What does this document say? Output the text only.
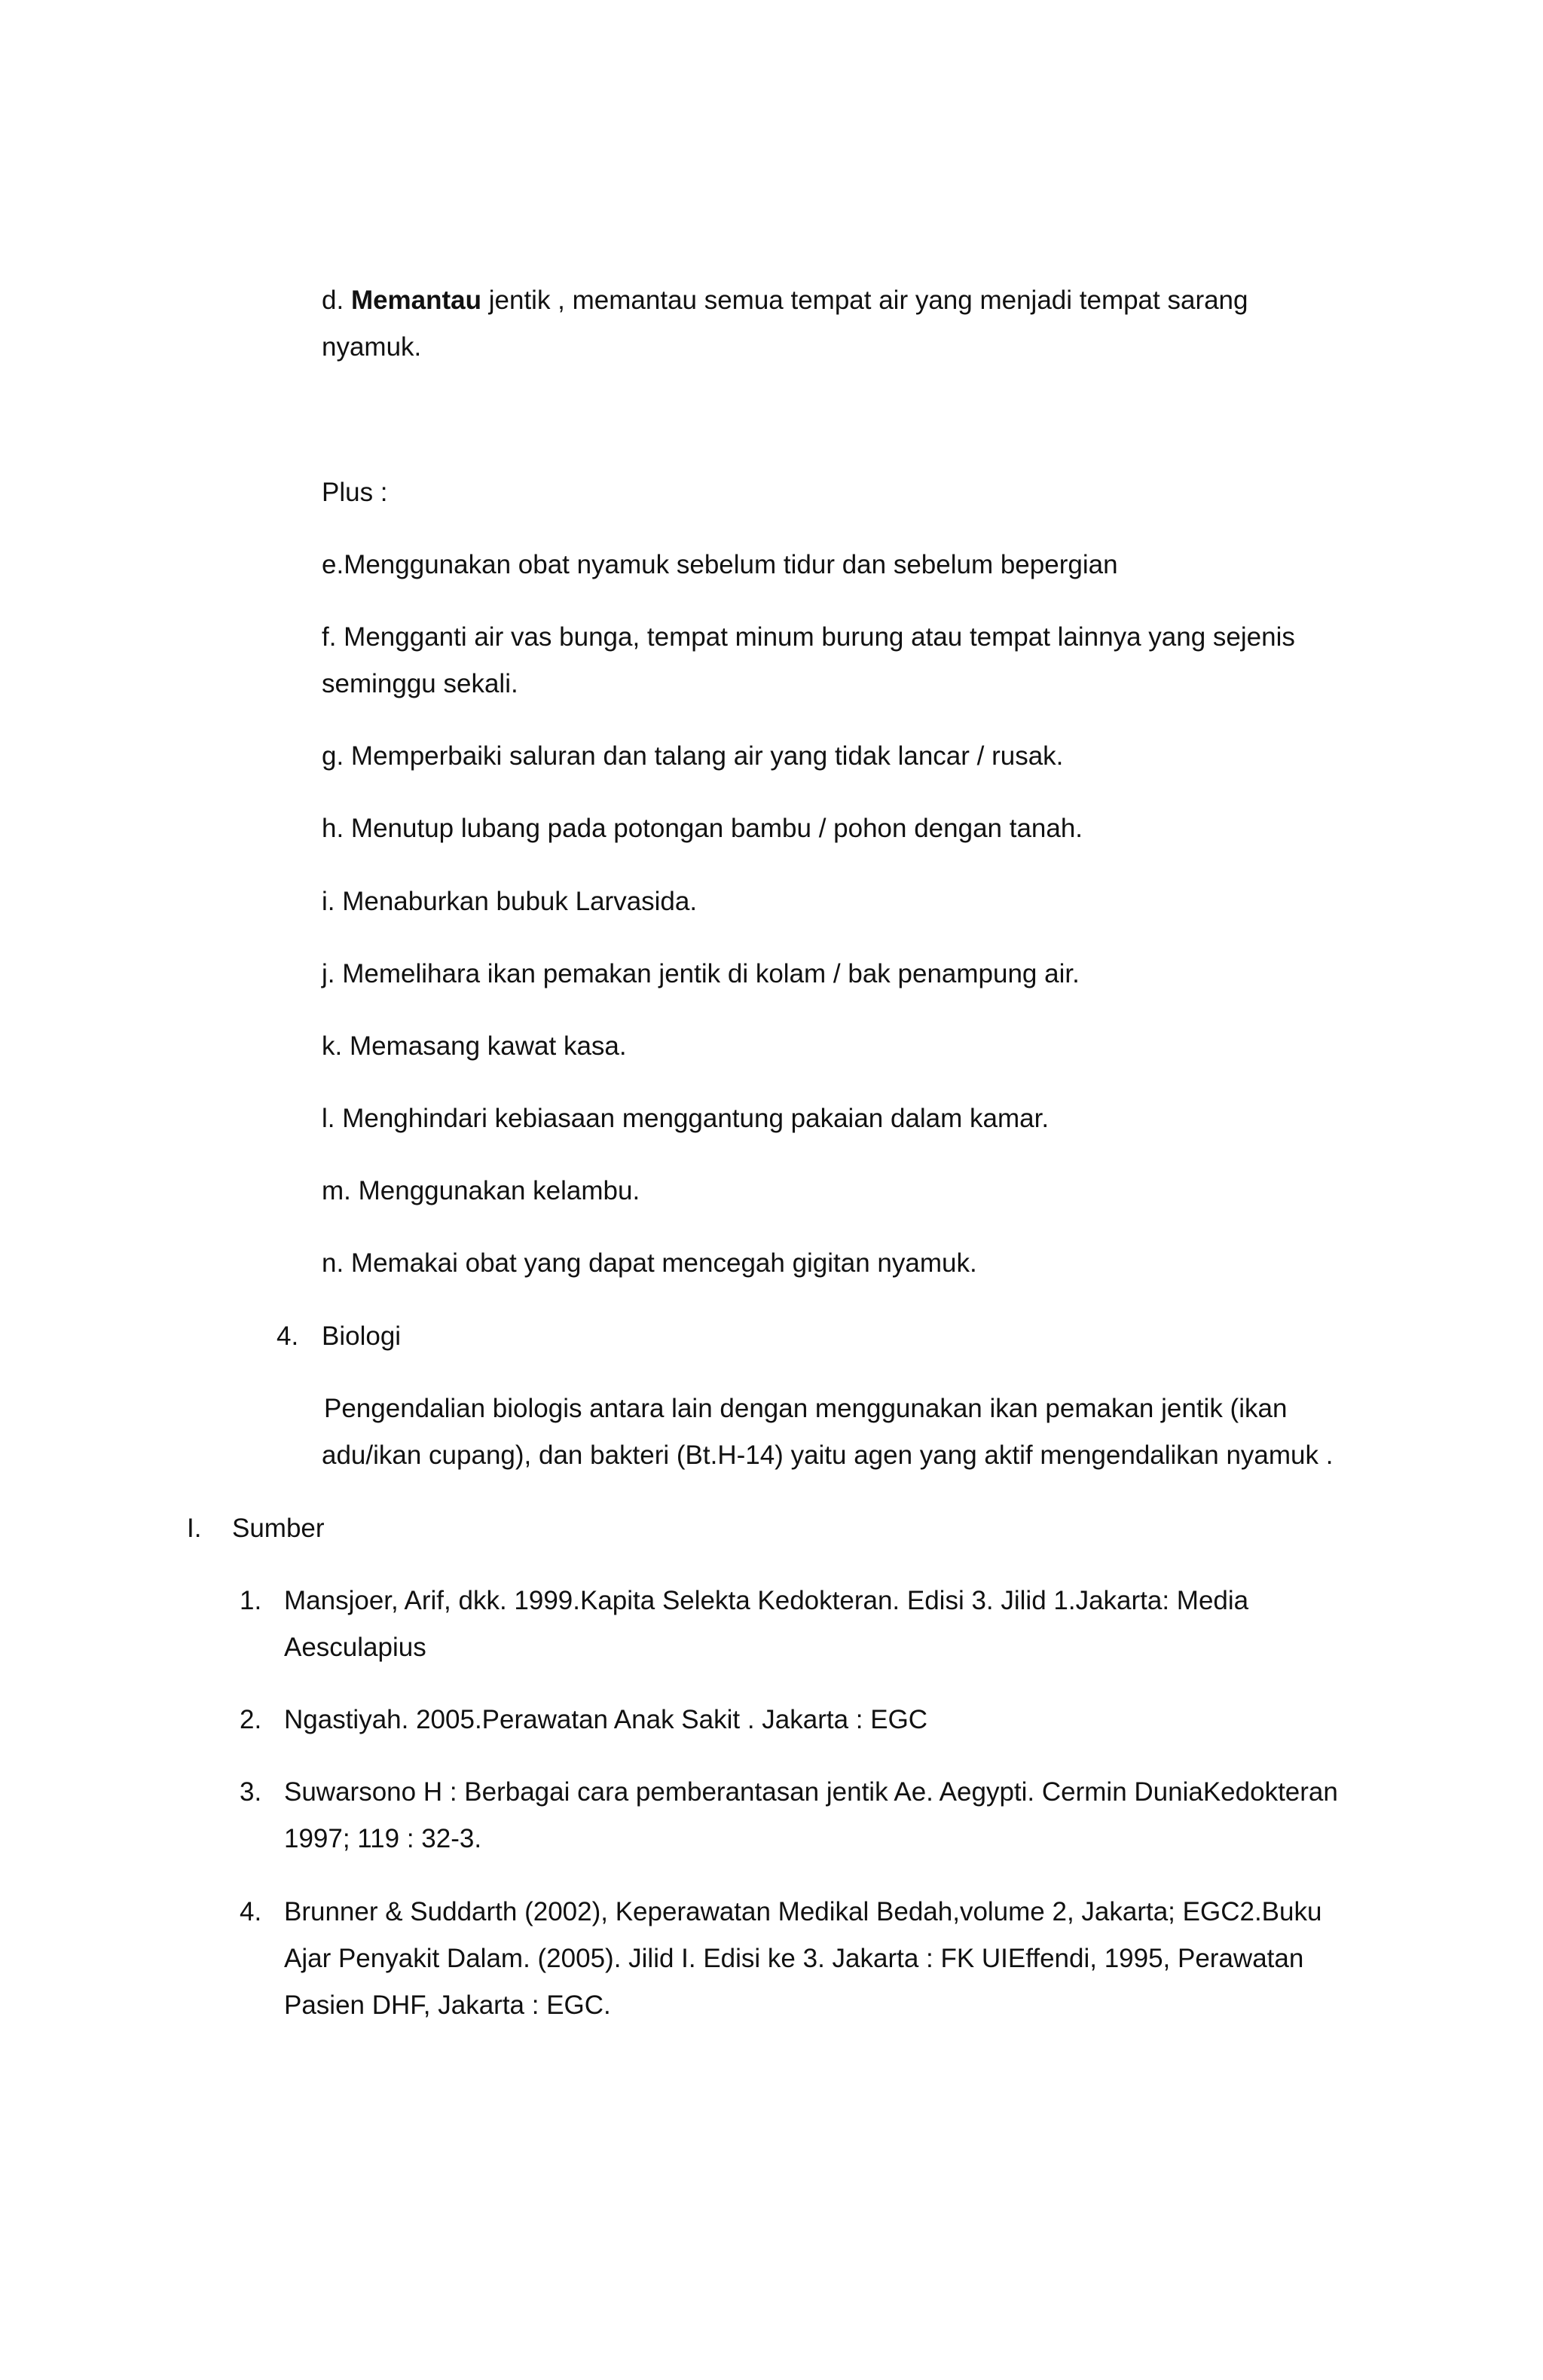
d. Memantau jentik , memantau semua tempat air yang menjadi tempat sarang

nyamuk.

Plus :

e.Menggunakan obat nyamuk sebelum tidur dan sebelum bepergian

f. Mengganti air vas bunga, tempat minum burung atau tempat lainnya yang sejenis

seminggu sekali.

g. Memperbaiki saluran dan talang air yang tidak lancar / rusak.

h. Menutup lubang pada potongan bambu / pohon dengan tanah.

i. Menaburkan bubuk Larvasida.

j. Memelihara ikan pemakan jentik di kolam / bak penampung air.

k. Memasang kawat kasa.

l. Menghindari kebiasaan menggantung pakaian dalam kamar.

m. Menggunakan kelambu.

n. Memakai obat yang dapat mencegah gigitan nyamuk.

4. Biologi

Pengendalian biologis antara lain dengan menggunakan ikan pemakan jentik (ikan

adu/ikan cupang), dan bakteri (Bt.H-14) yaitu agen yang aktif mengendalikan nyamuk .

I. Sumber

1. Mansjoer, Arif, dkk. 1999.Kapita Selekta Kedokteran. Edisi 3. Jilid 1.Jakarta: Media

Aesculapius

2. Ngastiyah. 2005.Perawatan Anak Sakit . Jakarta : EGC

3. Suwarsono H : Berbagai cara pemberantasan jentik Ae. Aegypti. Cermin DuniaKedokteran

1997; 119 : 32-3.

4. Brunner & Suddarth (2002), Keperawatan Medikal Bedah,volume 2, Jakarta; EGC2.Buku

Ajar Penyakit Dalam. (2005). Jilid I. Edisi ke 3. Jakarta : FK UIEffendi, 1995, Perawatan

Pasien DHF, Jakarta : EGC.
